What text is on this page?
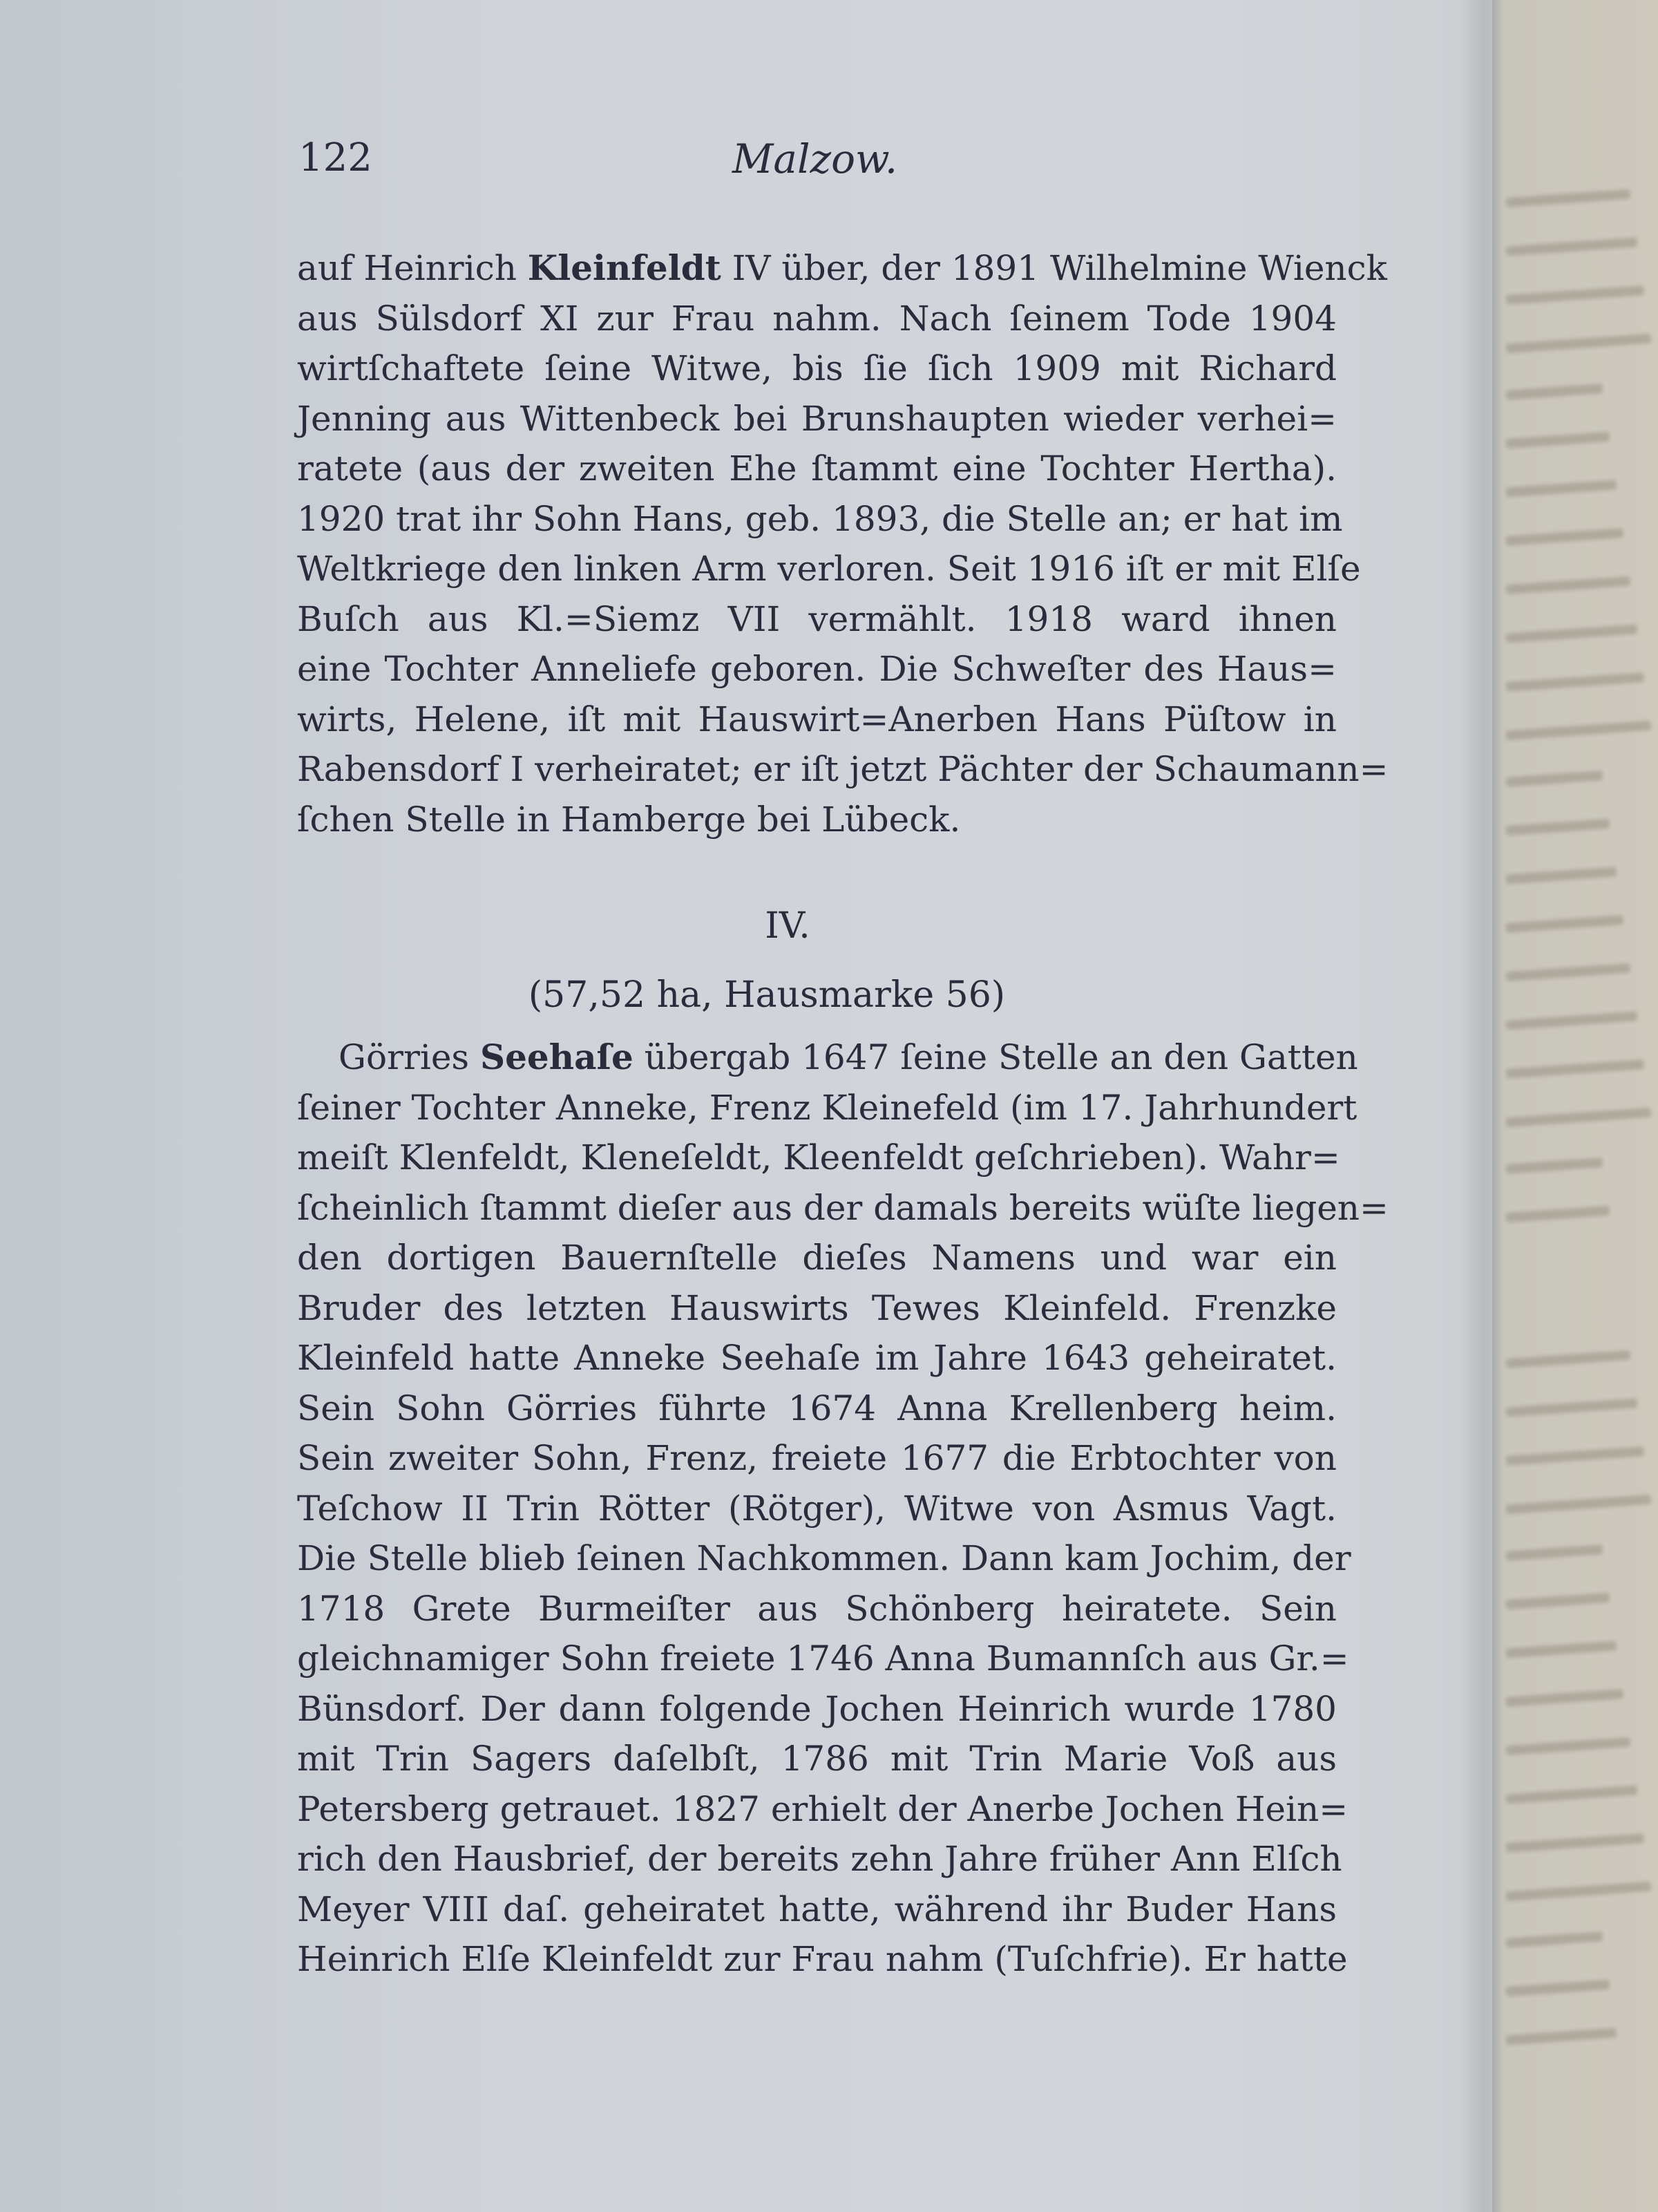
122	Malzow.
auf Heinrich Kleinfeldt IV über, der 1891 Wilhelmine Wienck
aus Sülsdorf XI zur Frau nahm. Nach ſeinem Tode 1904
wirtſchaftete ſeine Witwe, bis ſie ſich 1909 mit Richard
Jenning aus Wittenbeck bei Brunshaupten wieder verhei=
ratete (aus der zweiten Ehe ſtammt eine Tochter Hertha).
1920 trat ihr Sohn Hans, geb. 1893, die Stelle an; er hat im
Weltkriege den linken Arm verloren. Seit 1916 iſt er mit Elſe
Buſch aus Kl.=Siemz VII vermählt. 1918 ward ihnen
eine Tochter Anneliefe geboren. Die Schweſter des Haus=
wirts, Helene, iſt mit Hauswirt=Anerben Hans Püſtow in
Rabensdorf I verheiratet; er iſt jetzt Pächter der Schaumann=
ſchen Stelle in Hamberge bei Lübeck.
IV.
(57,52 ha, Hausmarke 56)
Görries Seehaſe übergab 1647 ſeine Stelle an den Gatten
ſeiner Tochter Anneke, Frenz Kleinefeld (im 17. Jahrhundert
meiſt Klenfeldt, Kleneſeldt, Kleenfeldt geſchrieben). Wahr=
ſcheinlich ſtammt dieſer aus der damals bereits wüſte liegen=
den dortigen Bauernſtelle dieſes Namens und war ein
Bruder des letzten Hauswirts Tewes Kleinfeld. Frenzke
Kleinfeld hatte Anneke Seehaſe im Jahre 1643 geheiratet.
Sein Sohn Görries führte 1674 Anna Krellenberg heim.
Sein zweiter Sohn, Frenz, freiete 1677 die Erbtochter von
Teſchow II Trin Rötter (Rötger), Witwe von Asmus Vagt.
Die Stelle blieb ſeinen Nachkommen. Dann kam Jochim, der
1718 Grete Burmeiſter aus Schönberg heiratete. Sein
gleichnamiger Sohn freiete 1746 Anna Bumannſch aus Gr.=
Bünsdorf. Der dann folgende Jochen Heinrich wurde 1780
mit Trin Sagers daſelbſt, 1786 mit Trin Marie Voß aus
Petersberg getrauet. 1827 erhielt der Anerbe Jochen Hein=
rich den Hausbrief, der bereits zehn Jahre früher Ann Elſch
Meyer VIII daſ. geheiratet hatte, während ihr Buder Hans
Heinrich Elſe Kleinfeldt zur Frau nahm (Tuſchfrie). Er hatte
